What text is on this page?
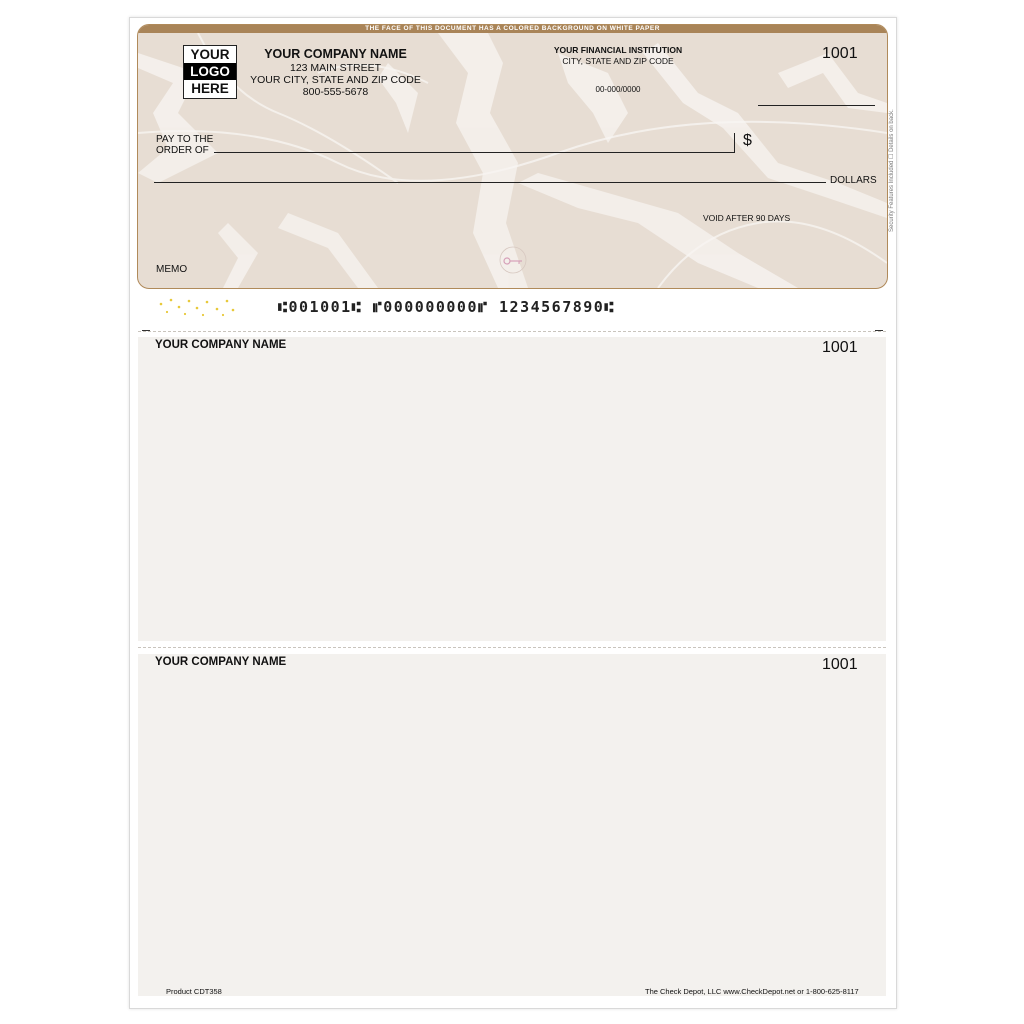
THE FACE OF THIS DOCUMENT HAS A COLORED BACKGROUND ON WHITE PAPER
YOUR
LOGO
HERE
YOUR COMPANY NAME
123 MAIN STREET
YOUR CITY, STATE AND ZIP CODE
800-555-5678
YOUR FINANCIAL INSTITUTION
CITY, STATE AND ZIP CODE
00-000/0000
1001
PAY TO THE
ORDER OF
$
DOLLARS
VOID AFTER 90 DAYS
MEMO
Security Features Included ☐ Details on back.
⑆001001⑆ ⑈000000000⑈ 1234567890⑆
YOUR COMPANY NAME	1001
YOUR COMPANY NAME	1001
Product CDT358	The Check Depot, LLC www.CheckDepot.net or 1-800-625-8117
